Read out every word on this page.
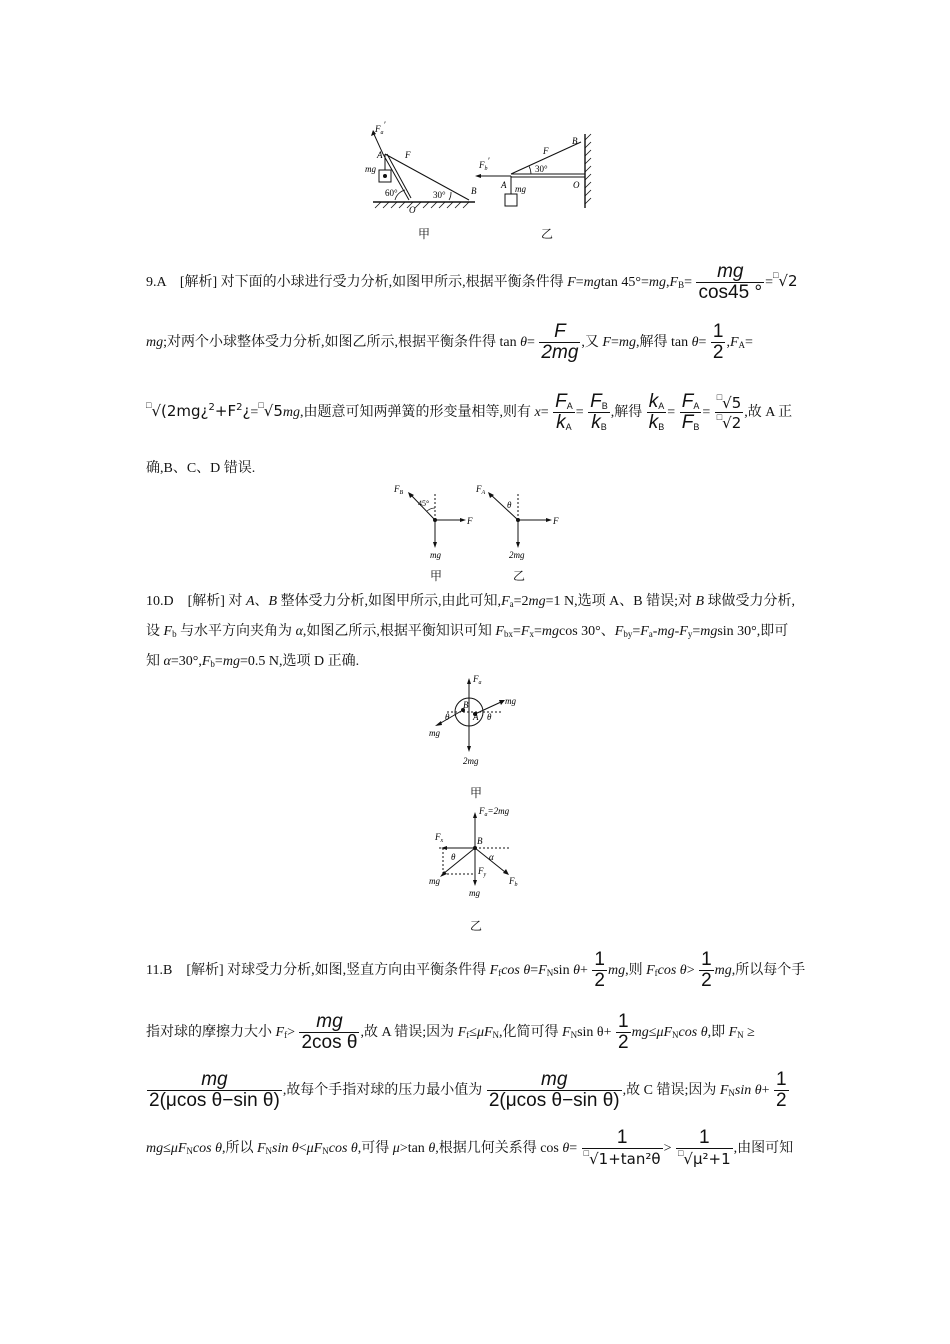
$F_a'$
A	F
mg
60°	30°	B
O
$F_b'$
F
B
30°
A mg	O
甲	乙
9.A　[解析] 对下面的小球进行受力分析,如图甲所示,根据平衡条件得 F=mgtan $45^\circ=mg,F_B= \frac{mg}{\cos 45 ^\circ} =^□√2$
mg;对两个小球整体受力分析,如图乙所示,根据平衡条件得 $\tan \theta= \frac{F}{2mg}$ ,又 F=mg,解得 $\tan \theta= \frac{1}{2} ,F_A=$
$^□√(2mg¿^2+F^2¿=^□√5mg$,由题意可知两弹簧的形变量相等,则有 $x= \frac{F_A}{k_A} = \frac{F_B}{k_B}$ ,解得 $\frac{k_A}{k_B} = \frac{F_A}{F_B} = \frac{^□√5}{^□√2}$ ,故 A 正
确,B、C、D 错误.
$F_B$
45°
F
mg
$F_A$
θ
F
2mg
甲	乙
10.D　[解析] 对 A、B 整体受力分析,如图甲所示,由此可知$,F_a=2mg=1$ N,选项 A、B 错误;对 B 球做受力分析,
设 $F_b$ 与水平方向夹角为 α,如图乙所示,根据平衡知识可知 $F_{bx}=F_x=mgcos$ 30°、$F_{by}=F_a-mg-F_y=mgsin$ 30°,即可
知 $\alpha=30^\circ,F_b=mg=0.5$ N,选项 D 正确.
$F_a$
mg
θ
B
A θ
mg
2mg
甲
$F_a=2mg$
$F_x$	B
θ	α
$F_y$
mg
mg
$F_b$
乙
11.B　[解析] 对球受力分析,如图,竖直方向由平衡条件得 $F_f\cos$ $\theta=F_N\sin$ $\theta+ \frac{1}{2}$ mg,则 $F_f\cos$ $\theta> \frac{1}{2}$ mg,所以每个手
指对球的摩擦力大小 $F_f> \frac{mg}{\text{2cos θ}}$ ,故 A 错误;因为 $F_f\le\mu F_N$,化简可得 $F_N\sin$ $\theta+ \frac{1}{2} mg\le\mu F_N\cos$ θ,即 $F_N$ ≥
$\frac{mg}{\text{2(μcos θ−sin θ)}}$ ,故每个手指对球的压力最小值为 $\frac{mg}{\text{2(μcos θ−sin θ)}}$ ,故 C 错误;因为 $F_N\sin$ $\theta+ \frac{1}{2}$
$mg\le\mu F_N\cos$ θ,所以 $F_N\sin$ $\theta<\mu F_N\cos$ θ,可得 μ>tan θ,根据几何关系得 $\cos \theta= \frac{1}{^□√1+\tan^2\theta} > \frac{1}{^□√\mu^2+1}$ ,由图可知
